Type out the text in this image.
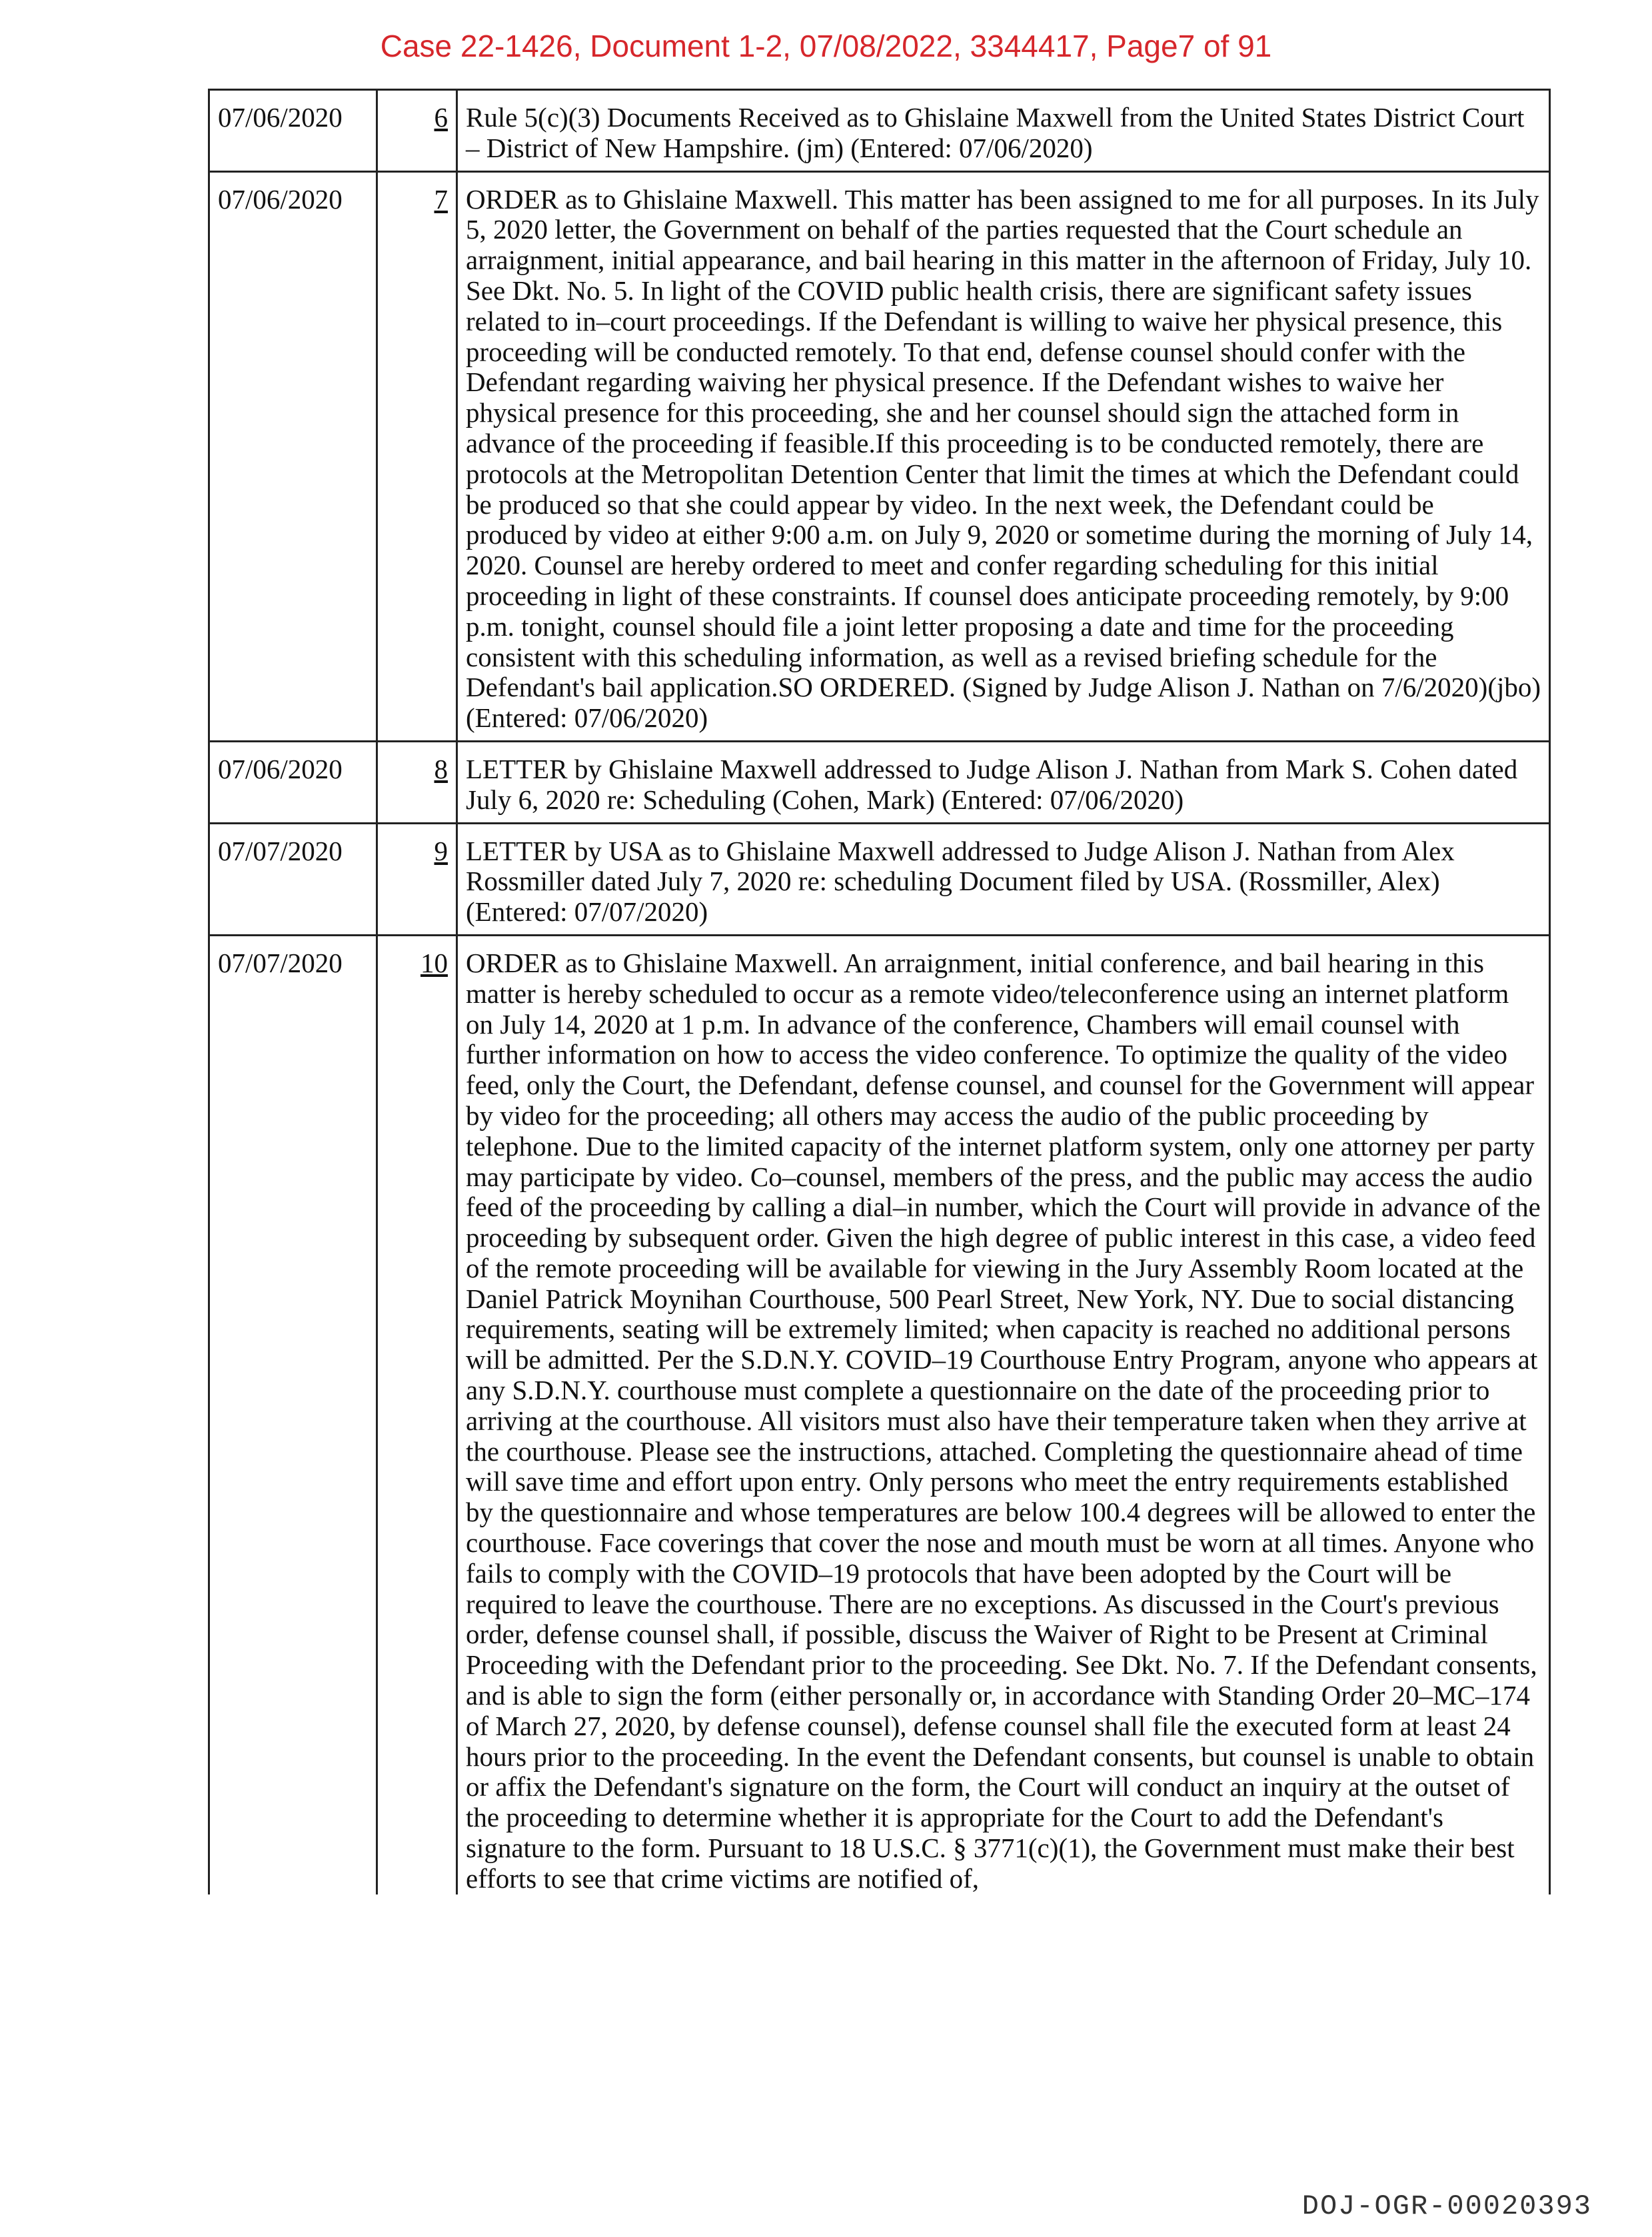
Case 22-1426, Document 1-2, 07/08/2022, 3344417, Page7 of 91
07/06/2020	6	Rule 5(c)(3) Documents Received as to Ghislaine Maxwell from the United States District Court – District of New Hampshire. (jm) (Entered: 07/06/2020)
07/06/2020	7	ORDER as to Ghislaine Maxwell. This matter has been assigned to me for all purposes. In its July 5, 2020 letter, the Government on behalf of the parties requested that the Court schedule an arraignment, initial appearance, and bail hearing in this matter in the afternoon of Friday, July 10. See Dkt. No. 5. In light of the COVID public health crisis, there are significant safety issues related to in–court proceedings. If the Defendant is willing to waive her physical presence, this proceeding will be conducted remotely. To that end, defense counsel should confer with the Defendant regarding waiving her physical presence. If the Defendant wishes to waive her physical presence for this proceeding, she and her counsel should sign the attached form in advance of the proceeding if feasible.If this proceeding is to be conducted remotely, there are protocols at the Metropolitan Detention Center that limit the times at which the Defendant could be produced so that she could appear by video. In the next week, the Defendant could be produced by video at either 9:00 a.m. on July 9, 2020 or sometime during the morning of July 14, 2020. Counsel are hereby ordered to meet and confer regarding scheduling for this initial proceeding in light of these constraints. If counsel does anticipate proceeding remotely, by 9:00 p.m. tonight, counsel should file a joint letter proposing a date and time for the proceeding consistent with this scheduling information, as well as a revised briefing schedule for the Defendant's bail application.SO ORDERED. (Signed by Judge Alison J. Nathan on 7/6/2020)(jbo) (Entered: 07/06/2020)
07/06/2020	8	LETTER by Ghislaine Maxwell addressed to Judge Alison J. Nathan from Mark S. Cohen dated July 6, 2020 re: Scheduling (Cohen, Mark) (Entered: 07/06/2020)
07/07/2020	9	LETTER by USA as to Ghislaine Maxwell addressed to Judge Alison J. Nathan from Alex Rossmiller dated July 7, 2020 re: scheduling Document filed by USA. (Rossmiller, Alex) (Entered: 07/07/2020)
07/07/2020	10	ORDER as to Ghislaine Maxwell. An arraignment, initial conference, and bail hearing in this matter is hereby scheduled to occur as a remote video/teleconference using an internet platform on July 14, 2020 at 1 p.m. In advance of the conference, Chambers will email counsel with further information on how to access the video conference. To optimize the quality of the video feed, only the Court, the Defendant, defense counsel, and counsel for the Government will appear by video for the proceeding; all others may access the audio of the public proceeding by telephone. Due to the limited capacity of the internet platform system, only one attorney per party may participate by video. Co–counsel, members of the press, and the public may access the audio feed of the proceeding by calling a dial–in number, which the Court will provide in advance of the proceeding by subsequent order. Given the high degree of public interest in this case, a video feed of the remote proceeding will be available for viewing in the Jury Assembly Room located at the Daniel Patrick Moynihan Courthouse, 500 Pearl Street, New York, NY. Due to social distancing requirements, seating will be extremely limited; when capacity is reached no additional persons will be admitted. Per the S.D.N.Y. COVID–19 Courthouse Entry Program, anyone who appears at any S.D.N.Y. courthouse must complete a questionnaire on the date of the proceeding prior to arriving at the courthouse. All visitors must also have their temperature taken when they arrive at the courthouse. Please see the instructions, attached. Completing the questionnaire ahead of time will save time and effort upon entry. Only persons who meet the entry requirements established by the questionnaire and whose temperatures are below 100.4 degrees will be allowed to enter the courthouse. Face coverings that cover the nose and mouth must be worn at all times. Anyone who fails to comply with the COVID–19 protocols that have been adopted by the Court will be required to leave the courthouse. There are no exceptions. As discussed in the Court's previous order, defense counsel shall, if possible, discuss the Waiver of Right to be Present at Criminal Proceeding with the Defendant prior to the proceeding. See Dkt. No. 7. If the Defendant consents, and is able to sign the form (either personally or, in accordance with Standing Order 20–MC–174 of March 27, 2020, by defense counsel), defense counsel shall file the executed form at least 24 hours prior to the proceeding. In the event the Defendant consents, but counsel is unable to obtain or affix the Defendant's signature on the form, the Court will conduct an inquiry at the outset of the proceeding to determine whether it is appropriate for the Court to add the Defendant's signature to the form. Pursuant to 18 U.S.C. § 3771(c)(1), the Government must make their best efforts to see that crime victims are notified of,
DOJ-OGR-00020393
